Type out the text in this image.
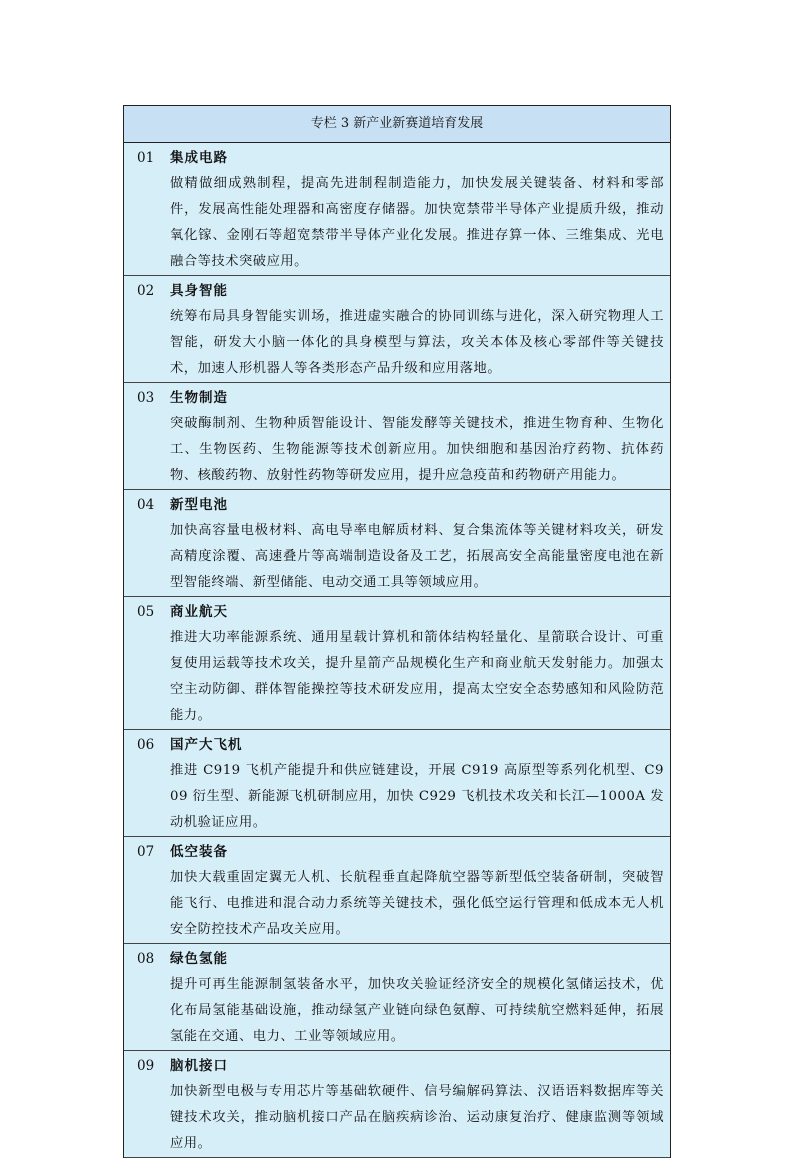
专栏 3 新产业新赛道培育发展
01 集成电路
做精做细成熟制程，提高先进制程制造能力，加快发展关键装备、材料和零部件，发展高性能处理器和高密度存储器。加快宽禁带半导体产业提质升级，推动氧化镓、金刚石等超宽禁带半导体产业化发展。推进存算一体、三维集成、光电融合等技术突破应用。
02 具身智能
统筹布局具身智能实训场，推进虚实融合的协同训练与进化，深入研究物理人工智能，研发大小脑一体化的具身模型与算法，攻关本体及核心零部件等关键技术，加速人形机器人等各类形态产品升级和应用落地。
03 生物制造
突破酶制剂、生物种质智能设计、智能发酵等关键技术，推进生物育种、生物化工、生物医药、生物能源等技术创新应用。加快细胞和基因治疗药物、抗体药物、核酸药物、放射性药物等研发应用，提升应急疫苗和药物研产用能力。
04 新型电池
加快高容量电极材料、高电导率电解质材料、复合集流体等关键材料攻关，研发高精度涂覆、高速叠片等高端制造设备及工艺，拓展高安全高能量密度电池在新型智能终端、新型储能、电动交通工具等领域应用。
05 商业航天
推进大功率能源系统、通用星载计算机和箭体结构轻量化、星箭联合设计、可重复使用运载等技术攻关，提升星箭产品规模化生产和商业航天发射能力。加强太空主动防御、群体智能操控等技术研发应用，提高太空安全态势感知和风险防范能力。
06 国产大飞机
推进 C919 飞机产能提升和供应链建设，开展 C919 高原型等系列化机型、C909 衍生型、新能源飞机研制应用，加快 C929 飞机技术攻关和长江—1000A 发动机验证应用。
07 低空装备
加快大载重固定翼无人机、长航程垂直起降航空器等新型低空装备研制，突破智能飞行、电推进和混合动力系统等关键技术，强化低空运行管理和低成本无人机安全防控技术产品攻关应用。
08 绿色氢能
提升可再生能源制氢装备水平，加快攻关验证经济安全的规模化氢储运技术，优化布局氢能基础设施，推动绿氢产业链向绿色氨醇、可持续航空燃料延伸，拓展氢能在交通、电力、工业等领域应用。
09 脑机接口
加快新型电极与专用芯片等基础软硬件、信号编解码算法、汉语语料数据库等关键技术攻关，推动脑机接口产品在脑疾病诊治、运动康复治疗、健康监测等领域应用。
